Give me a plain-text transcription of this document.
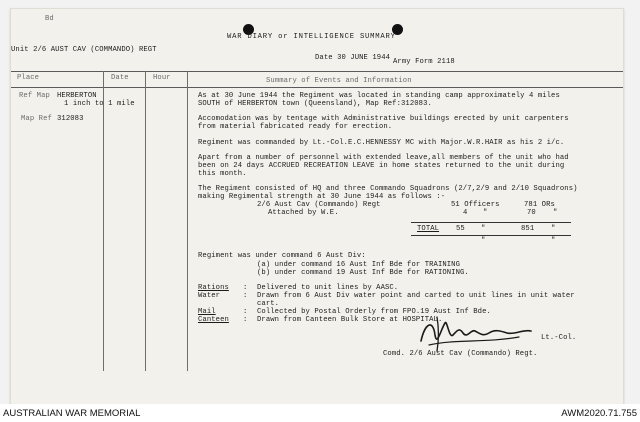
Bd
WAR DIARY or INTELLIGENCE SUMMARY
Unit 2/6 AUST CAV (COMMANDO) REGT
Date 30 JUNE 1944 Army Form 2118
Place	Date	Hour	Summary of Events and Information
Ref Map HERBERTON
1 inch to 1 mile
Map Ref 312083
As at 30 June 1944 the Regiment was located in standing camp approximately 4 miles
SOUTH of HERBERTON town (Queensland), Map Ref:312083.
Accomodation was by tentage with Administrative buildings erected by unit carpenters
from material fabricated ready for erection.
Regiment was commanded by Lt.-Col.E.C.HENNESSY MC with Major.W.R.HAIR as his 2 i/c.
Apart from a number of personnel with extended leave,all members of the unit who had
been on 24 days ACCRUED RECREATION LEAVE in home states returned to the unit during
this month.
The Regiment consisted of HQ and three Commando Squadrons (2/7,2/9 and 2/10 Squadrons)
making Regimental strength at 30 June 1944 as follows :-
2/6 Aust Cav (Commando) Regt	51 Officers	781 ORs
Attached by W.E.	4 "	70 "
TOTAL 55 "	851 "
"	"
Regiment was under command 6 Aust Div:
(a) under command 16 Aust Inf Bde for TRAINING
(b) under command 19 Aust Inf Bde for RATIONING.
Rations : Delivered to unit lines by AASC.
Water	: Drawn from 6 Aust Div water point and carted to unit lines in unit water
cart.
Mail	: Collected by Postal Orderly from FPO.19 Aust Inf Bde.
Canteen : Drawn from Canteen Bulk Store at HOSPITAL.
Lt.-Col.
Comd. 2/6 Aust Cav (Commando) Regt.
AUSTRALIAN WAR MEMORIAL	AWM2020.71.755
